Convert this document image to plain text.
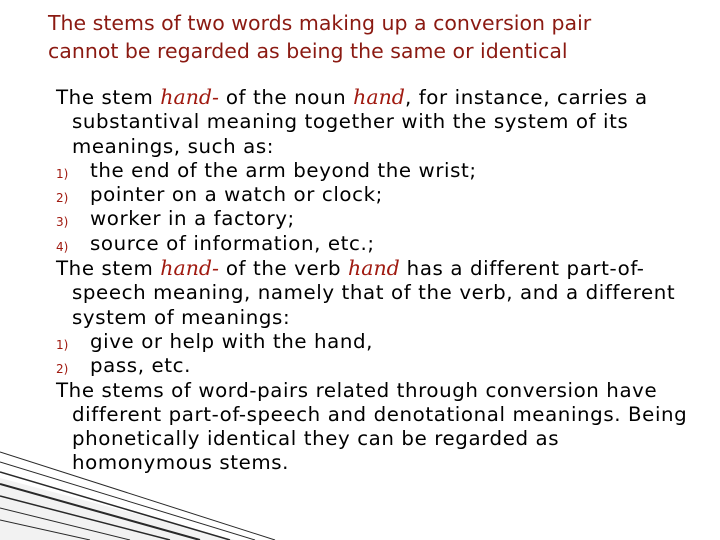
The stems of two words making up a conversion pair
cannot be regarded as being the same or identical
The stem hand- of the noun hand, for instance, carries a substantival meaning together with the system of its meanings, such as:
1) the end of the arm beyond the wrist;
2) pointer on a watch or clock;
3) worker in a factory;
4) source of information, etc.;
The stem hand- of the verb hand has a different part-of-speech meaning, namely that of the verb, and a different system of meanings:
1) give or help with the hand,
2) pass, etc.
The stems of word-pairs related through conversion have different part-of-speech and denotational meanings. Being phonetically identical they can be regarded as homonymous stems.
